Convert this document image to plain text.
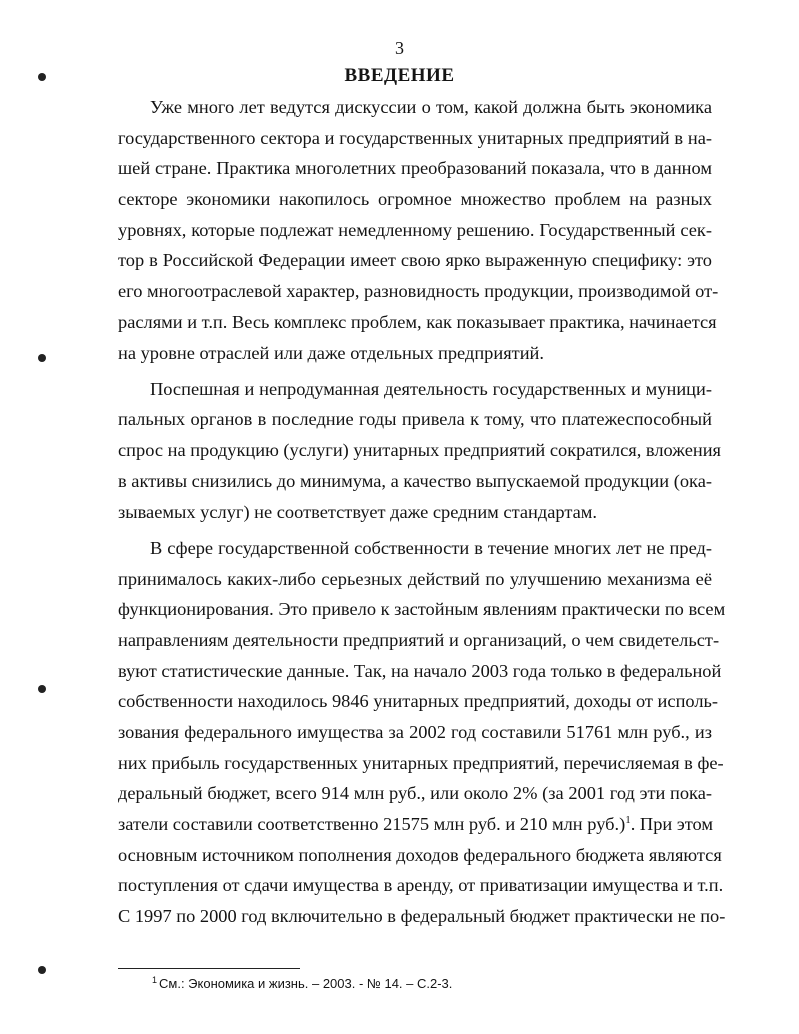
3
ВВЕДЕНИЕ
Уже много лет ведутся дискуссии о том, какой должна быть экономика
государственного сектора и государственных унитарных предприятий в на-
шей стране. Практика многолетних преобразований показала, что в данном
секторе экономики накопилось огромное множество проблем на разных
уровнях, которые подлежат немедленному решению. Государственный сек-
тор в Российской Федерации имеет свою ярко выраженную специфику: это
его многоотраслевой характер, разновидность продукции, производимой от-
раслями и т.п. Весь комплекс проблем, как показывает практика, начинается
на уровне отраслей или даже отдельных предприятий.
Поспешная и непродуманная деятельность государственных и муници-
пальных органов в последние годы привела к тому, что платежеспособный
спрос на продукцию (услуги) унитарных предприятий сократился, вложения
в активы снизились до минимума, а качество выпускаемой продукции (ока-
зываемых услуг) не соответствует даже средним стандартам.
В сфере государственной собственности в течение многих лет не пред-
принималось каких-либо серьезных действий по улучшению механизма её
функционирования. Это привело к застойным явлениям практически по всем
направлениям деятельности предприятий и организаций, о чем свидетельст-
вуют статистические данные. Так, на начало 2003 года только в федеральной
собственности находилось 9846 унитарных предприятий, доходы от исполь-
зования федерального имущества за 2002 год составили 51761 млн руб., из
них прибыль государственных унитарных предприятий, перечисляемая в фе-
деральный бюджет, всего 914 млн руб., или около 2% (за 2001 год эти пока-
затели составили соответственно 21575 млн руб. и 210 млн руб.)$^1$. При этом
основным источником пополнения доходов федерального бюджета являются
поступления от сдачи имущества в аренду, от приватизации имущества и т.п.
С 1997 по 2000 год включительно в федеральный бюджет практически не по-
$^1$ См.: Экономика и жизнь. – 2003. - № 14. – С.2-3.
